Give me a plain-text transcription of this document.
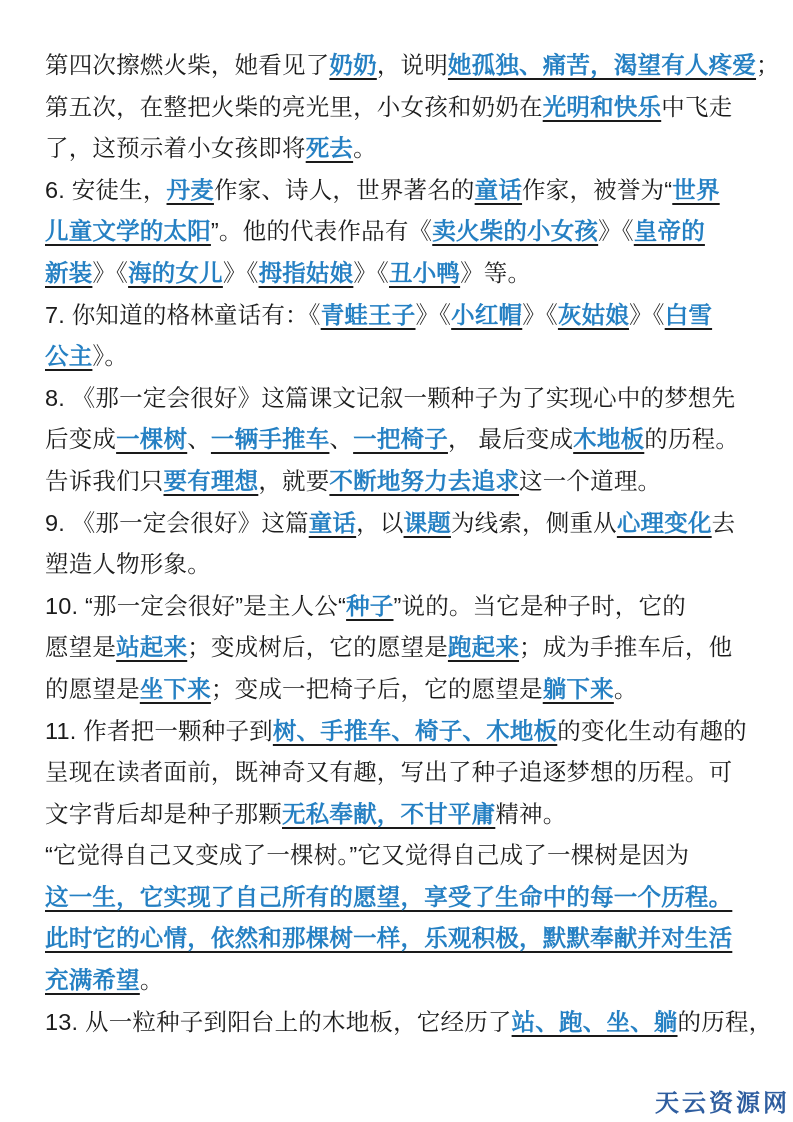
第四次擦燃火柴，她看见了奶奶，说明她孤独、痛苦，渴望有人疼爱；
第五次，在整把火柴的亮光里，小女孩和奶奶在光明和快乐中飞走
了，这预示着小女孩即将死去。
6. 安徒生，丹麦作家、诗人，世界著名的童话作家，被誉为“世界
儿童文学的太阳”。他的代表作品有《卖火柴的小女孩》《皇帝的
新装》《海的女儿》《拇指姑娘》《丑小鸭》等。
7. 你知道的格林童话有：《青蛙王子》《小红帽》《灰姑娘》《白雪
公主》。
8. 《那一定会很好》这篇课文记叙一颗种子为了实现心中的梦想先
后变成一棵树、一辆手推车、一把椅子， 最后变成木地板的历程。
告诉我们只要有理想，就要不断地努力去追求这一个道理。
9. 《那一定会很好》这篇童话，以课题为线索，侧重从心理变化去
塑造人物形象。
10. “那一定会很好”是主人公“种子”说的。当它是种子时，它的
愿望是站起来；变成树后，它的愿望是跑起来；成为手推车后，他
的愿望是坐下来；变成一把椅子后，它的愿望是躺下来。
11. 作者把一颗种子到树、手推车、椅子、木地板的变化生动有趣的
呈现在读者面前，既神奇又有趣，写出了种子追逐梦想的历程。可
文字背后却是种子那颗无私奉献，不甘平庸精神。
“它觉得自己又变成了一棵树。”它又觉得自己成了一棵树是因为
这一生，它实现了自己所有的愿望，享受了生命中的每一个历程。
此时它的心情，依然和那棵树一样，乐观积极，默默奉献并对生活
充满希望。
13. 从一粒种子到阳台上的木地板，它经历了站、跑、坐、躺的历程，
天云资源网
